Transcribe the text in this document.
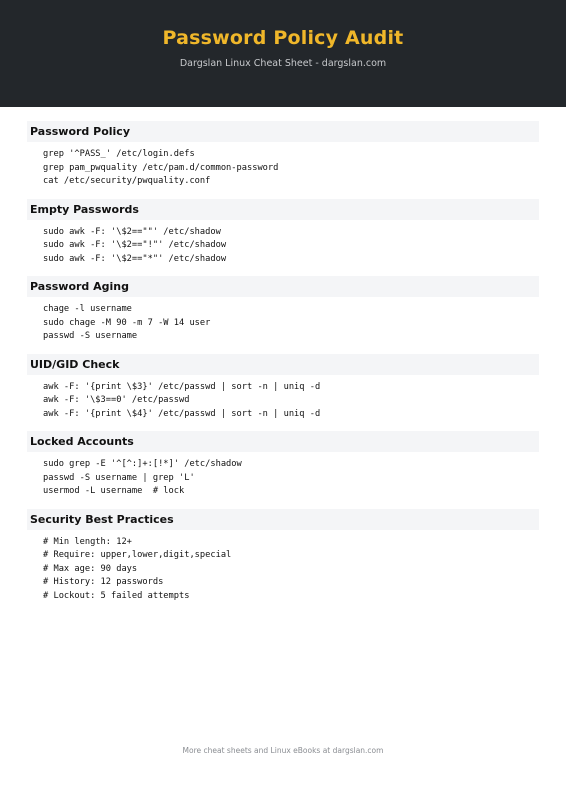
Password Policy Audit
Dargslan Linux Cheat Sheet - dargslan.com
Password Policy
grep '^PASS_' /etc/login.defs
grep pam_pwquality /etc/pam.d/common-password
cat /etc/security/pwquality.conf
Empty Passwords
sudo awk -F: '\$2==""' /etc/shadow
sudo awk -F: '\$2=="!"' /etc/shadow
sudo awk -F: '\$2=="*"' /etc/shadow
Password Aging
chage -l username
sudo chage -M 90 -m 7 -W 14 user
passwd -S username
UID/GID Check
awk -F: '{print \$3}' /etc/passwd | sort -n | uniq -d
awk -F: '\$3==0' /etc/passwd
awk -F: '{print \$4}' /etc/passwd | sort -n | uniq -d
Locked Accounts
sudo grep -E '^[^:]+:[!*]' /etc/shadow
passwd -S username | grep 'L'
usermod -L username  # lock
Security Best Practices
# Min length: 12+
# Require: upper,lower,digit,special
# Max age: 90 days
# History: 12 passwords
# Lockout: 5 failed attempts
More cheat sheets and Linux eBooks at dargslan.com
